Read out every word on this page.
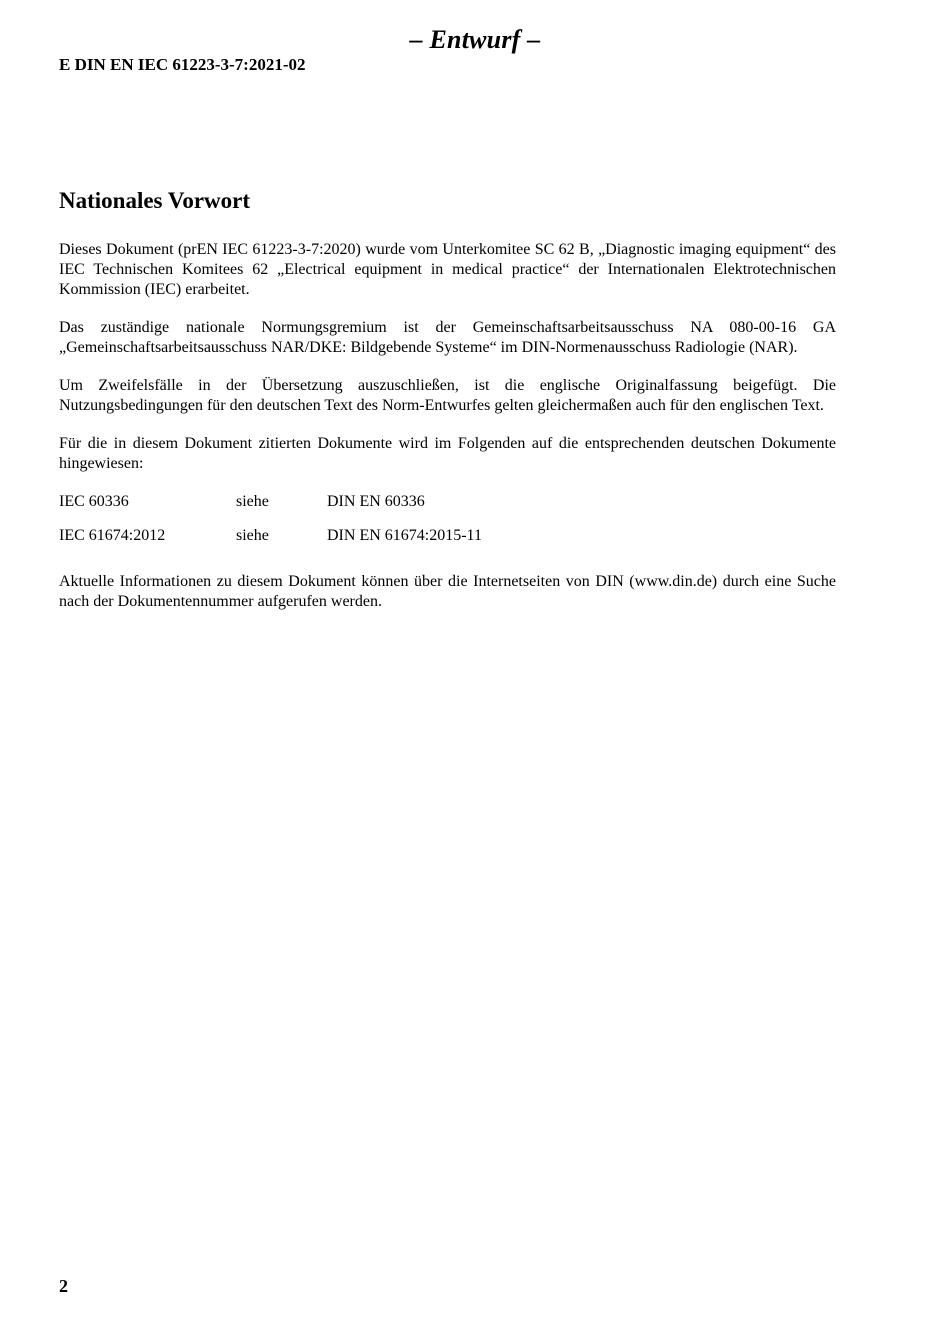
– Entwurf –
E DIN EN IEC 61223-3-7:2021-02
Nationales Vorwort

Dieses Dokument (prEN IEC 61223-3-7:2020) wurde vom Unterkomitee SC 62 B, „Diagnostic imaging equipment“ des IEC Technischen Komitees 62 „Electrical equipment in medical practice“ der Internationalen Elektrotechnischen Kommission (IEC) erarbeitet.

Das zuständige nationale Normungsgremium ist der Gemeinschaftsarbeitsausschuss NA 080-00-16 GA „Gemeinschaftsarbeitsausschuss NAR/DKE: Bildgebende Systeme“ im DIN-Normenausschuss Radiologie (NAR).

Um Zweifelsfälle in der Übersetzung auszuschließen, ist die englische Originalfassung beigefügt. Die Nutzungsbedingungen für den deutschen Text des Norm-Entwurfes gelten gleichermaßen auch für den englischen Text.

Für die in diesem Dokument zitierten Dokumente wird im Folgenden auf die entsprechenden deutschen Dokumente hingewiesen:

IEC 60336	siehe	DIN EN 60336
IEC 61674:2012	siehe	DIN EN 61674:2015-11

Aktuelle Informationen zu diesem Dokument können über die Internetseiten von DIN (www.din.de) durch eine Suche nach der Dokumentennummer aufgerufen werden.

2
